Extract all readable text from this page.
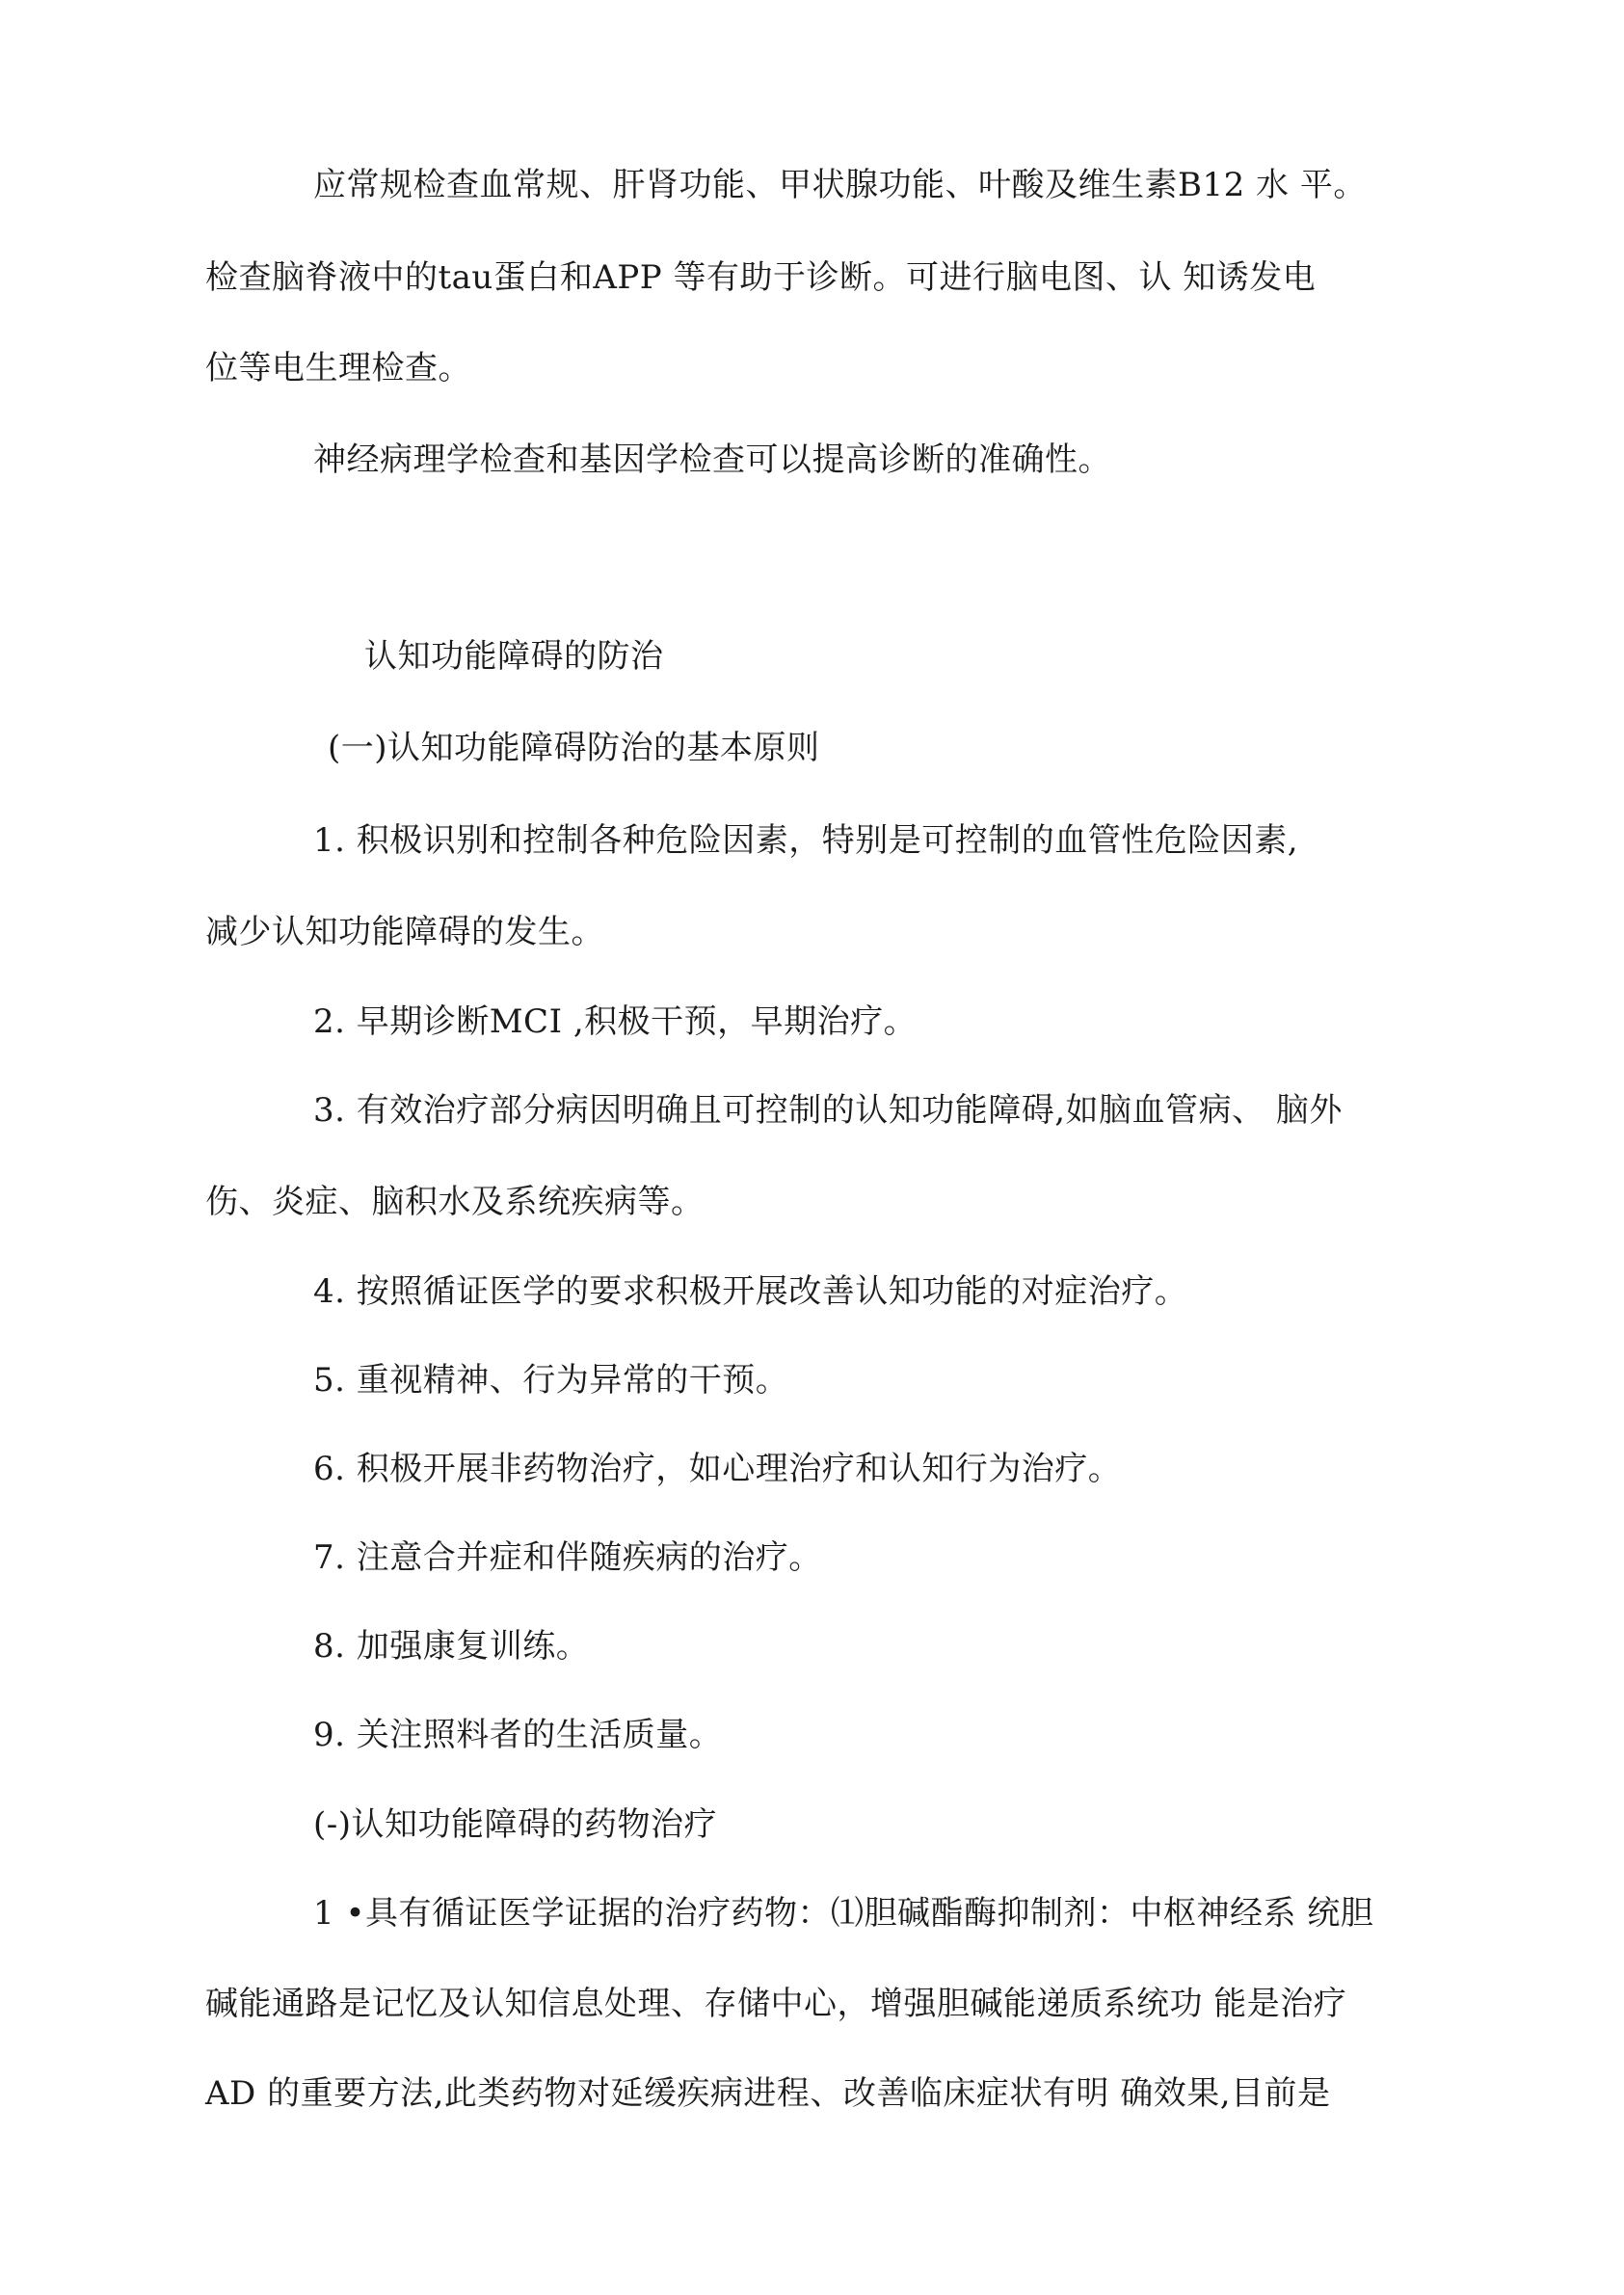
应常规检查血常规、肝肾功能、甲状腺功能、叶酸及维生素B12 水 平。
检查脑脊液中的tau蛋白和APP 等有助于诊断。可进行脑电图、认 知诱发电
位等电生理检查。
神经病理学检查和基因学检查可以提高诊断的准确性。
认知功能障碍的防治
(一)认知功能障碍防治的基本原则
1. 积极识别和控制各种危险因素，特别是可控制的血管性危险因素,
减少认知功能障碍的发生。
2. 早期诊断MCI ,积极干预，早期治疗。
3. 有效治疗部分病因明确且可控制的认知功能障碍,如脑血管病、 脑外
伤、炎症、脑积水及系统疾病等。
4. 按照循证医学的要求积极开展改善认知功能的对症治疗。
5. 重视精神、行为异常的干预。
6. 积极开展非药物治疗，如心理治疗和认知行为治疗。
7. 注意合并症和伴随疾病的治疗。
8. 加强康复训练。
9. 关注照料者的生活质量。
(-)认知功能障碍的药物治疗
1 •具有循证医学证据的治疗药物：⑴胆碱酯酶抑制剂：中枢神经系 统胆
碱能通路是记忆及认知信息处理、存储中心，增强胆碱能递质系统功 能是治疗
AD 的重要方法,此类药物对延缓疾病进程、改善临床症状有明 确效果,目前是
